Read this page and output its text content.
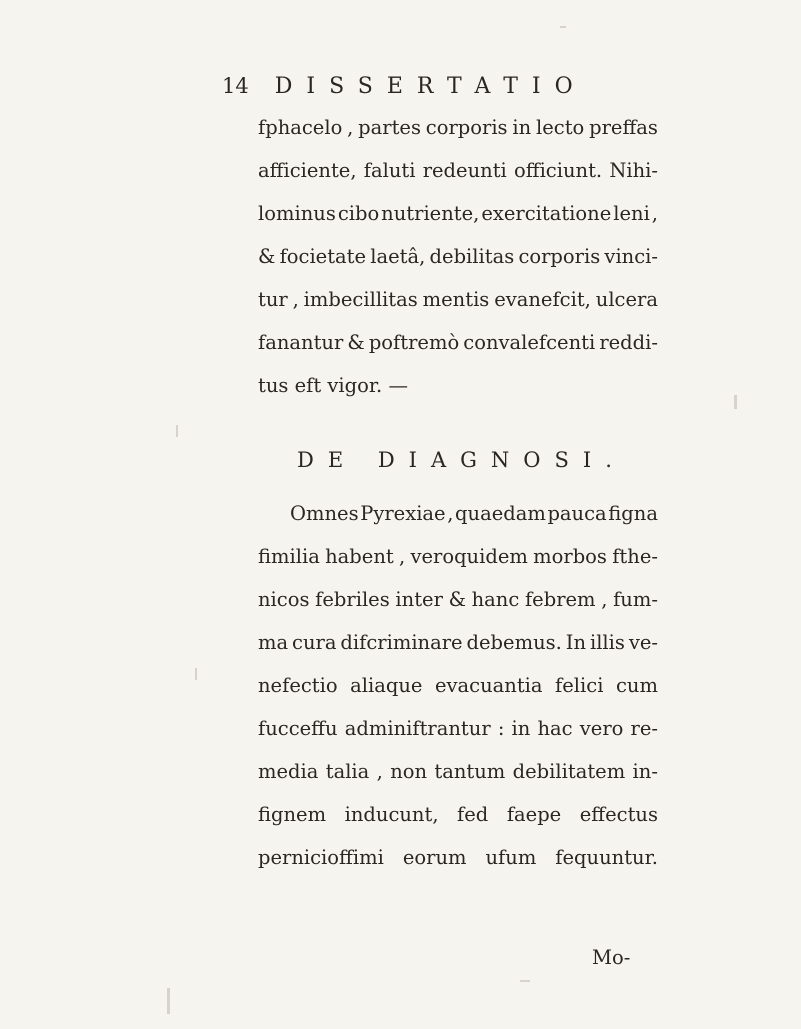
14 DISSERTATIO
fphacelo , partes corporis in lecto preffas
afficiente, faluti redeunti officiunt. Nihi-
lominus cibo nutriente, exercitatione leni ,
& focietate laetâ, debilitas corporis vinci-
tur , imbecillitas mentis evanefcit, ulcera
fanantur & poftremò convalefcenti reddi-
tus eft vigor. —
DE DIAGNOSI.
Omnes Pyrexiae , quaedam pauca figna
fimilia habent , veroquidem morbos fthe-
nicos febriles inter & hanc febrem , fum-
ma cura difcriminare debemus. In illis ve-
nefectio aliaque evacuantia felici cum
fucceffu adminiftrantur : in hac vero re-
media talia , non tantum debilitatem in-
fignem inducunt, fed faepe effectus
pernicioffimi eorum ufum fequuntur.
Mo-
